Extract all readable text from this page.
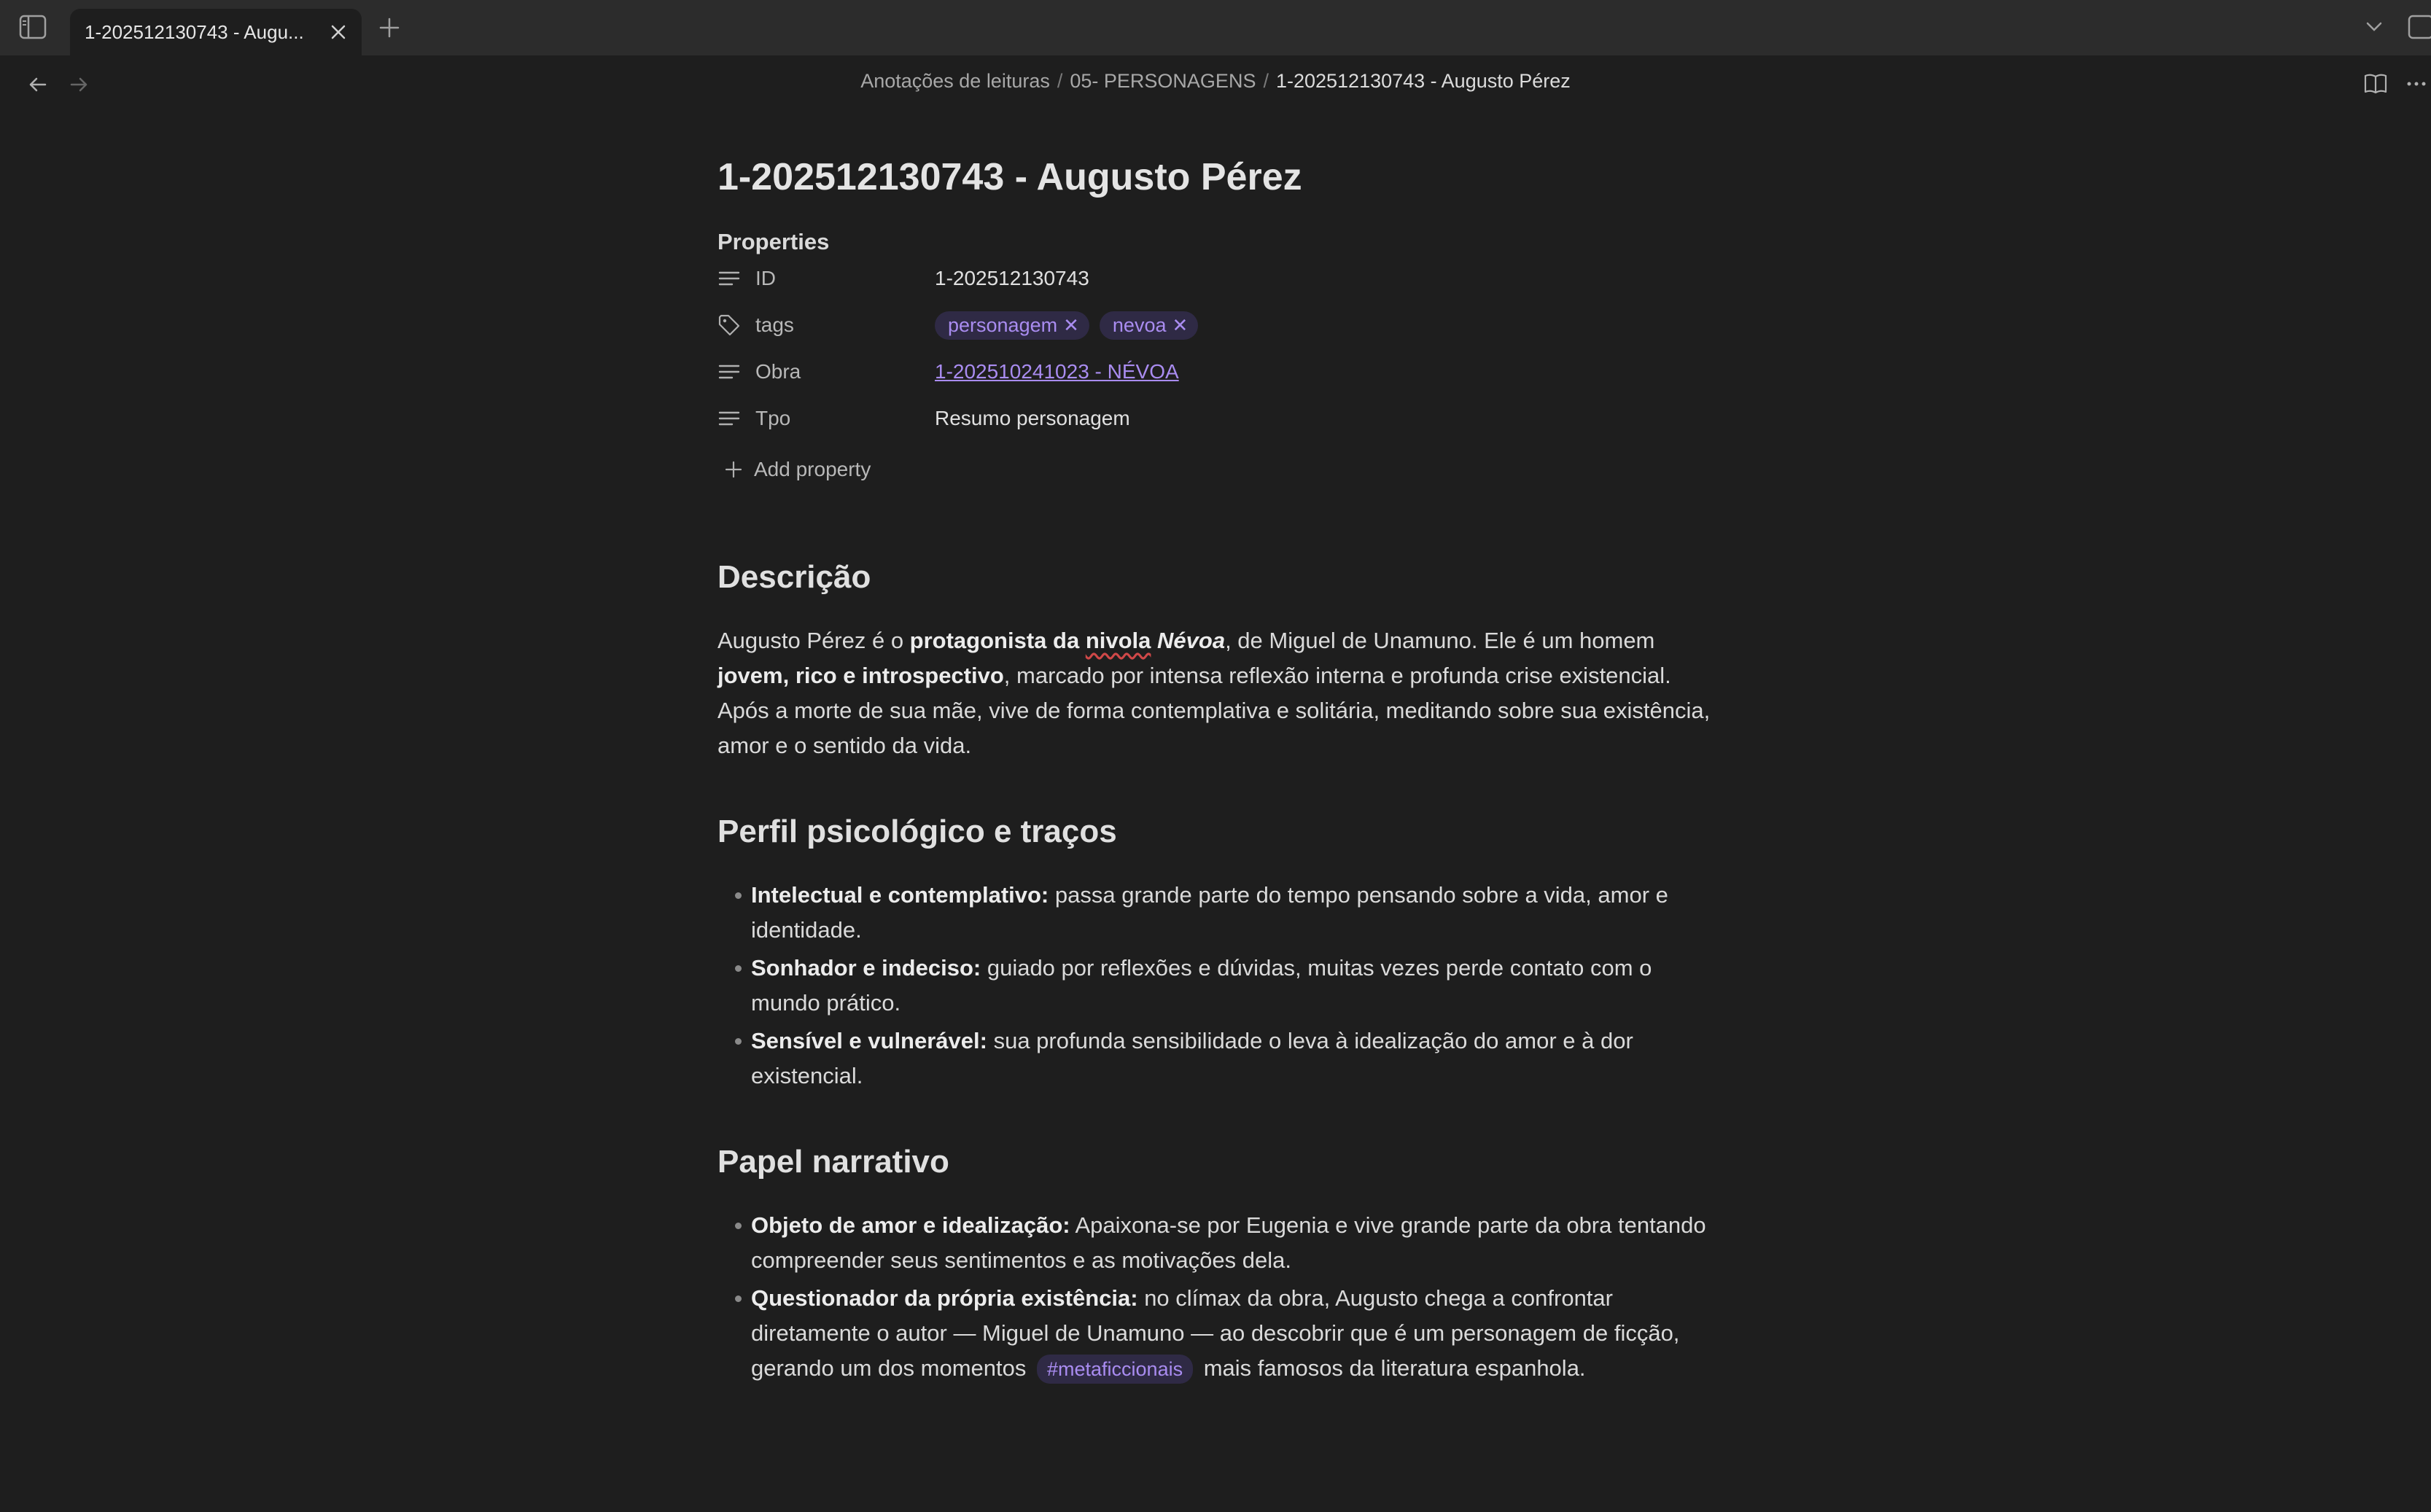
1-202512130743 - Augu...
Anotações de leituras / 05- PERSONAGENS / 1-202512130743 - Augusto Pérez
1-202512130743 - Augusto Pérez
Properties
ID	1-202512130743
tags	personagem ✕ nevoa ✕
Obra	1-202510241023 - NÉVOA
Tpo	Resumo personagem
Add property
Descrição

Augusto Pérez é o protagonista da nivola Névoa, de Miguel de Unamuno. Ele é um homem jovem, rico e introspectivo, marcado por intensa reflexão interna e profunda crise existencial. Após a morte de sua mãe, vive de forma contemplativa e solitária, meditando sobre sua existência, amor e o sentido da vida.

Perfil psicológico e traços
Intelectual e contemplativo: passa grande parte do tempo pensando sobre a vida, amor e identidade.
Sonhador e indeciso: guiado por reflexões e dúvidas, muitas vezes perde contato com o mundo prático.
Sensível e vulnerável: sua profunda sensibilidade o leva à idealização do amor e à dor existencial.
Papel narrativo
Objeto de amor e idealização: Apaixona-se por Eugenia e vive grande parte da obra tentando compreender seus sentimentos e as motivações dela.
Questionador da própria existência: no clímax da obra, Augusto chega a confrontar diretamente o autor — Miguel de Unamuno — ao descobrir que é um personagem de ficção, gerando um dos momentos #metaficcionais mais famosos da literatura espanhola.
